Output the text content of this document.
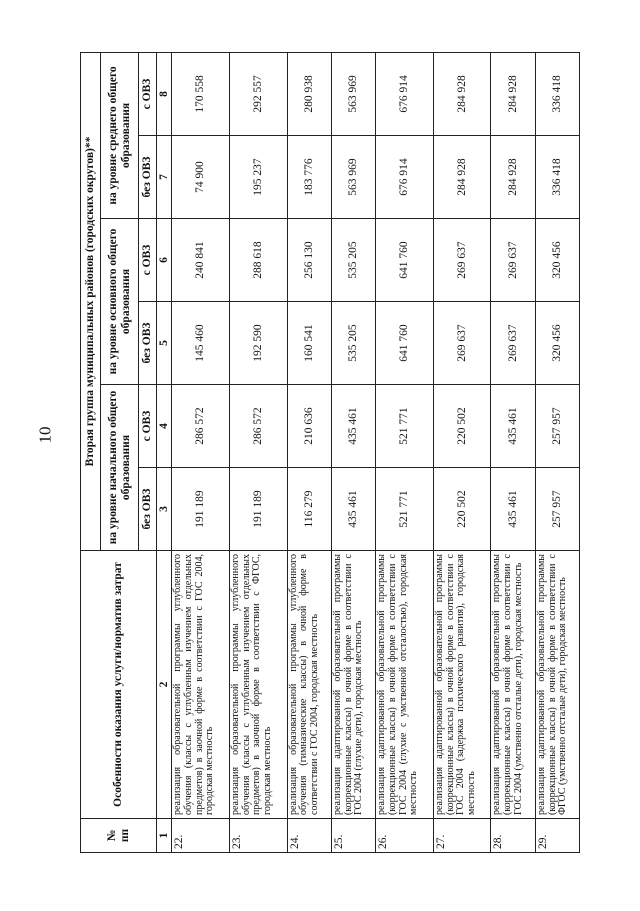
10
№ пп	Особенности оказания услуги/норматив затрат	Вторая группа муниципальных районов (городских округов)**					
		на уровне начального общего образования		на уровне основного общего образования		на уровне среднего общего образования	
		без ОВЗ	с ОВЗ	без ОВЗ	с ОВЗ	без ОВЗ	с ОВЗ
1	2	3	4	5	6	7	8
22.	реализация образовательной программы углубленного обучения (классы с углубленным изучением отдельных предметов) в заочной форме в соответствии с ГОС 2004, городская местность	191 189	286 572	145 460	240 841	74 900	170 558
23.	реализация образовательной программы углубленного обучения (классы с углубленным изучением отдельных предметов) в заочной форме в соответствии с ФГОС, городская местность	191 189	286 572	192 590	288 618	195 237	292 557
24.	реализация образовательной программы углубленного обучения (гимназические классы) в очной форме в соответствии с ГОС 2004, городская местность	116 279	210 636	160 541	256 130	183 776	280 938
25.	реализация адаптированной образовательной программы (коррекционные классы) в очной форме в соответствии с ГОС 2004 (глухие дети), городская местность	435 461	435 461	535 205	535 205	563 969	563 969
26.	реализация адаптированной образовательной программы (коррекционные классы) в очной форме в соответствии с ГОС 2004 (глухие с умственной отсталостью), городская местность	521 771	521 771	641 760	641 760	676 914	676 914
27.	реализация адаптированной образовательной программы (коррекционные классы) в очной форме в соответствии с ГОС 2004 (задержка психического развития), городская местность	220 502	220 502	269 637	269 637	284 928	284 928
28.	реализация адаптированной образовательной программы (коррекционные классы) в очной форме в соответствии с ГОС 2004 (умственно отсталые дети), городская местность	435 461	435 461	269 637	269 637	284 928	284 928
29.	реализация адаптированной образовательной программы (коррекционные классы) в очной форме в соответствии с ФГОС (умственно отсталые дети), городская местность	257 957	257 957	320 456	320 456	336 418	336 418
